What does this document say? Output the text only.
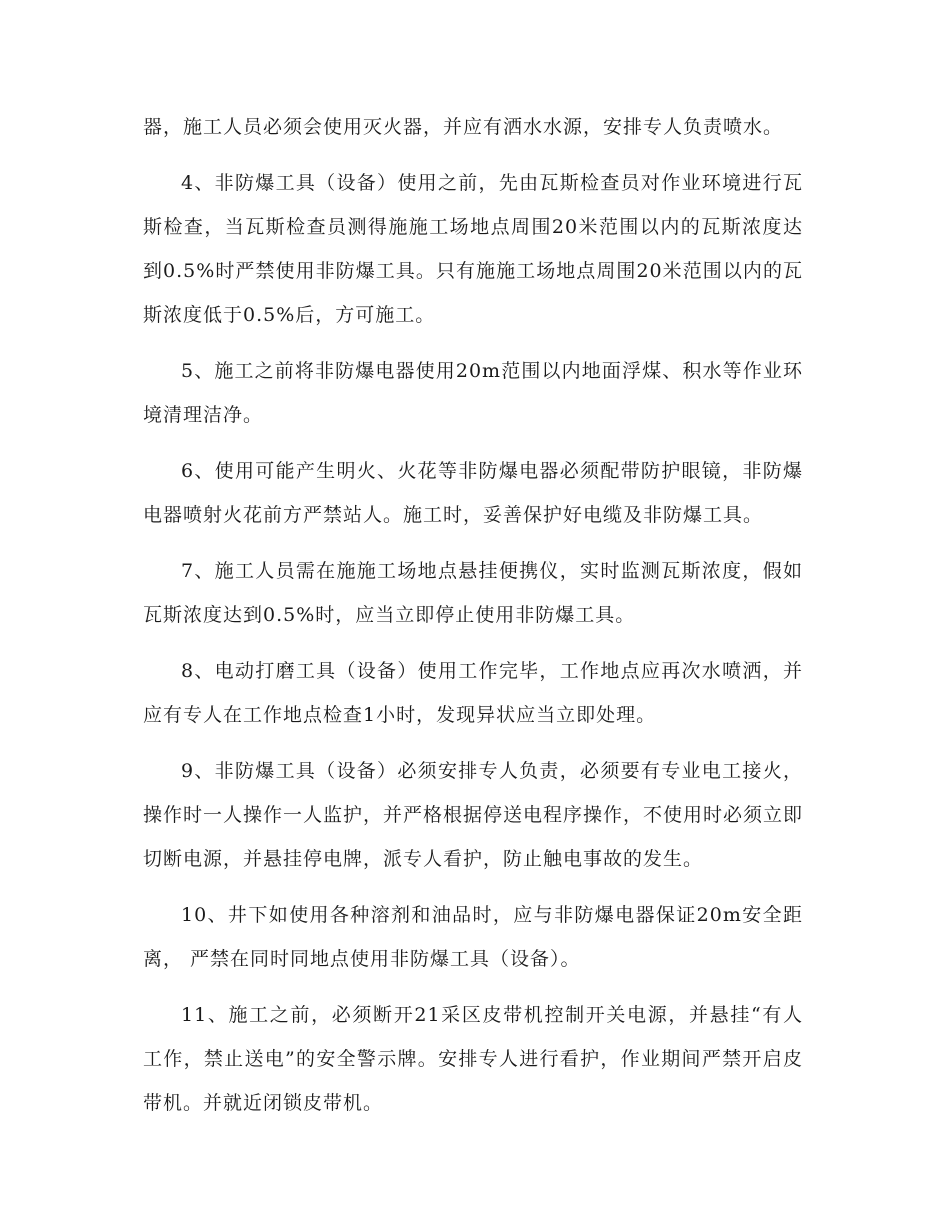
器，施工人员必须会使用灭火器，并应有洒水水源，安排专人负责喷水。

4、非防爆工具（设备）使用之前，先由瓦斯检查员对作业环境进行瓦斯检查，当瓦斯检查员测得施施工场地点周围20米范围以内的瓦斯浓度达到0.5%时严禁使用非防爆工具。只有施施工场地点周围20米范围以内的瓦斯浓度低于0.5%后，方可施工。

5、施工之前将非防爆电器使用20m范围以内地面浮煤、积水等作业环境清理洁净。

6、使用可能产生明火、火花等非防爆电器必须配带防护眼镜，非防爆电器喷射火花前方严禁站人。施工时，妥善保护好电缆及非防爆工具。

7、施工人员需在施施工场地点悬挂便携仪，实时监测瓦斯浓度，假如瓦斯浓度达到0.5%时，应当立即停止使用非防爆工具。

8、电动打磨工具（设备）使用工作完毕，工作地点应再次水喷洒，并应有专人在工作地点检查1小时，发现异状应当立即处理。

9、非防爆工具（设备）必须安排专人负责，必须要有专业电工接火，操作时一人操作一人监护，并严格根据停送电程序操作，不使用时必须立即切断电源，并悬挂停电牌，派专人看护，防止触电事故的发生。

10、井下如使用各种溶剂和油品时，应与非防爆电器保证20m安全距离， 严禁在同时同地点使用非防爆工具（设备）。

11、施工之前，必须断开21采区皮带机控制开关电源，并悬挂“有人工作，禁止送电”的安全警示牌。安排专人进行看护，作业期间严禁开启皮带机。并就近闭锁皮带机。
